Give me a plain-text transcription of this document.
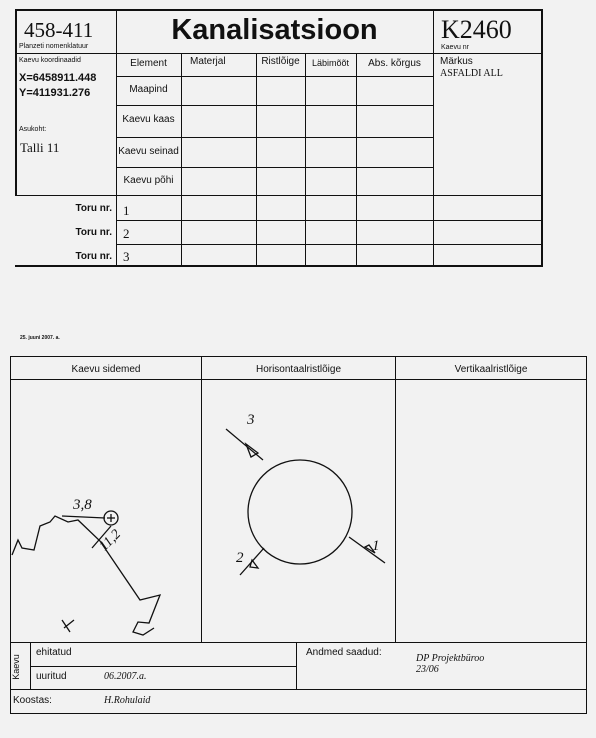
458-411
Planzeti nomenklatuur
Kanalisatsioon	K2460
Kaevu nr
Kaevu koordinaadid
X=6458911.448
Y=411931.276
Asukoht:
Talli 11
Element	Materjal	Ristlõige	Läbimõõt	Abs. kõrgus	Märkus
ASFALDI ALL
Maapind
Kaevu kaas
Kaevu seinad
Kaevu põhi
Toru nr. 1
Toru nr. 2
Toru nr. 3
25. juuni 2007. a.
Kaevu sidemed	Horisontaalristlõige	Vertikaalristlõige
3,8
11,2
3
2
1
Kaevu
ehitatud
uuritud	06.2007.a.
Andmed saadud:
DP Projektbüroo
23/06
Koostas:	H.Rohulaid
